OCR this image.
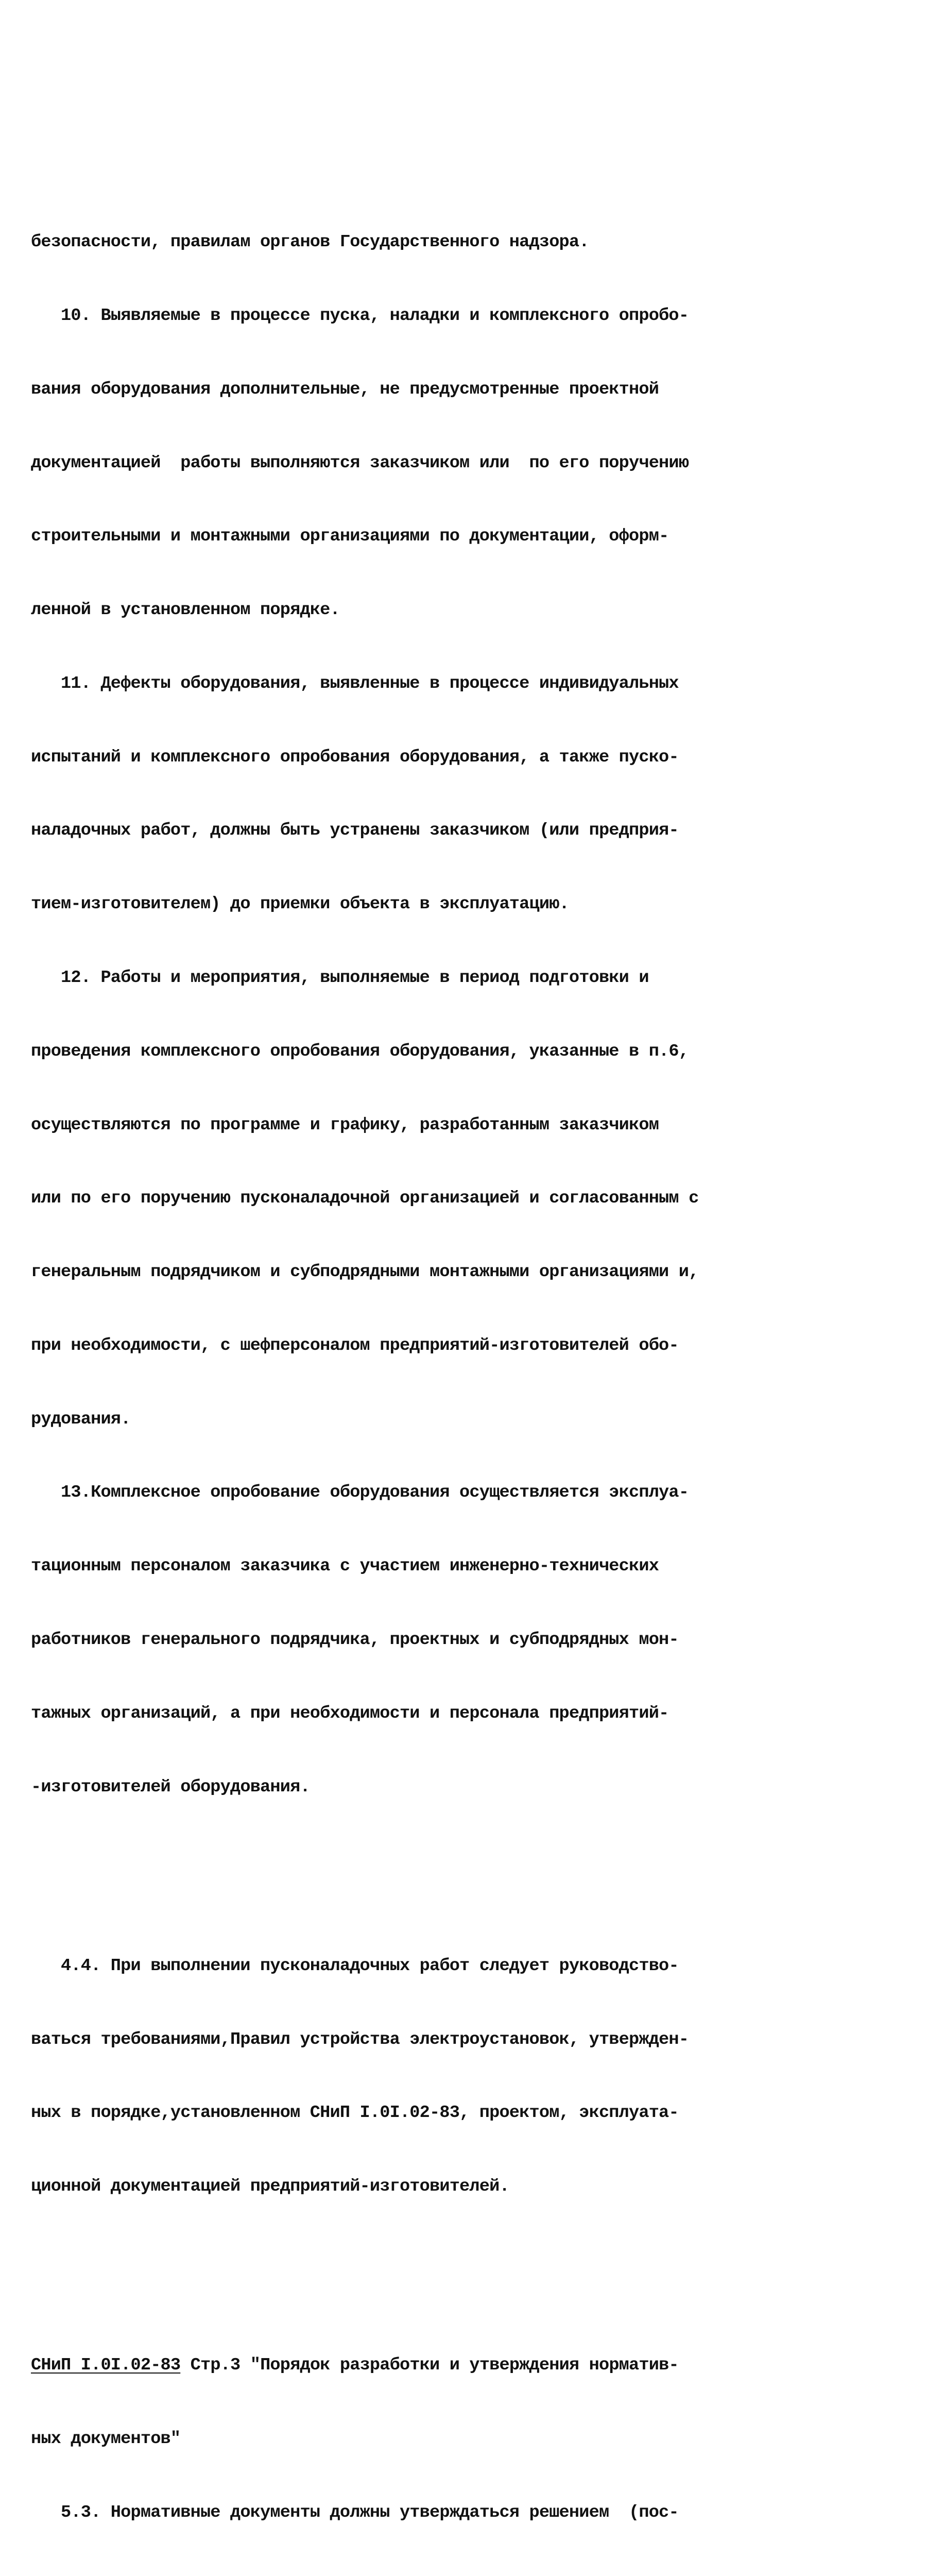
безопасности, правилам органов Государственного надзора.

10. Выявляемые в процессе пуска, наладки и комплексного опробо-

вания оборудования дополнительные, не предусмотренные проектной

документацией  работы выполняются заказчиком или  по его поручению

строительными и монтажными организациями по документации, оформ-

ленной в установленном порядке.

11. Дефекты оборудования, выявленные в процессе индивидуальных

испытаний и комплексного опробования оборудования, а также пуско-

наладочных работ, должны быть устранены заказчиком (или предприя-

тием-изготовителем) до приемки объекта в эксплуатацию.

12. Работы и мероприятия, выполняемые в период подготовки и

проведения комплексного опробования оборудования, указанные в п.6,

осуществляются по программе и графику, разработанным заказчиком

или по его поручению пусконаладочной организацией и согласованным с

генеральным подрядчиком и субподрядными монтажными организациями и,

при необходимости, с шефперсоналом предприятий-изготовителей обо-

рудования.

13.Комплексное опробование оборудования осуществляется эксплуа-

тационным персоналом заказчика с участием инженерно-технических

работников генерального подрядчика, проектных и субподрядных мон-

тажных организаций, а при необходимости и персонала предприятий-

-изготовителей оборудования.

4.4. При выполнении пусконаладочных работ следует руководство-

ваться требованиями,Правил устройства электроустановок, утвержден-

ных в порядке,установленном СНиП I.0I.02-83, проектом, эксплуата-

ционной документацией предприятий-изготовителей.

СНиП I.0I.02-83 Стр.3 "Порядок разработки и утверждения норматив-

ных документов"

5.3. Нормативные документы должны утверждаться решением  (пос-
